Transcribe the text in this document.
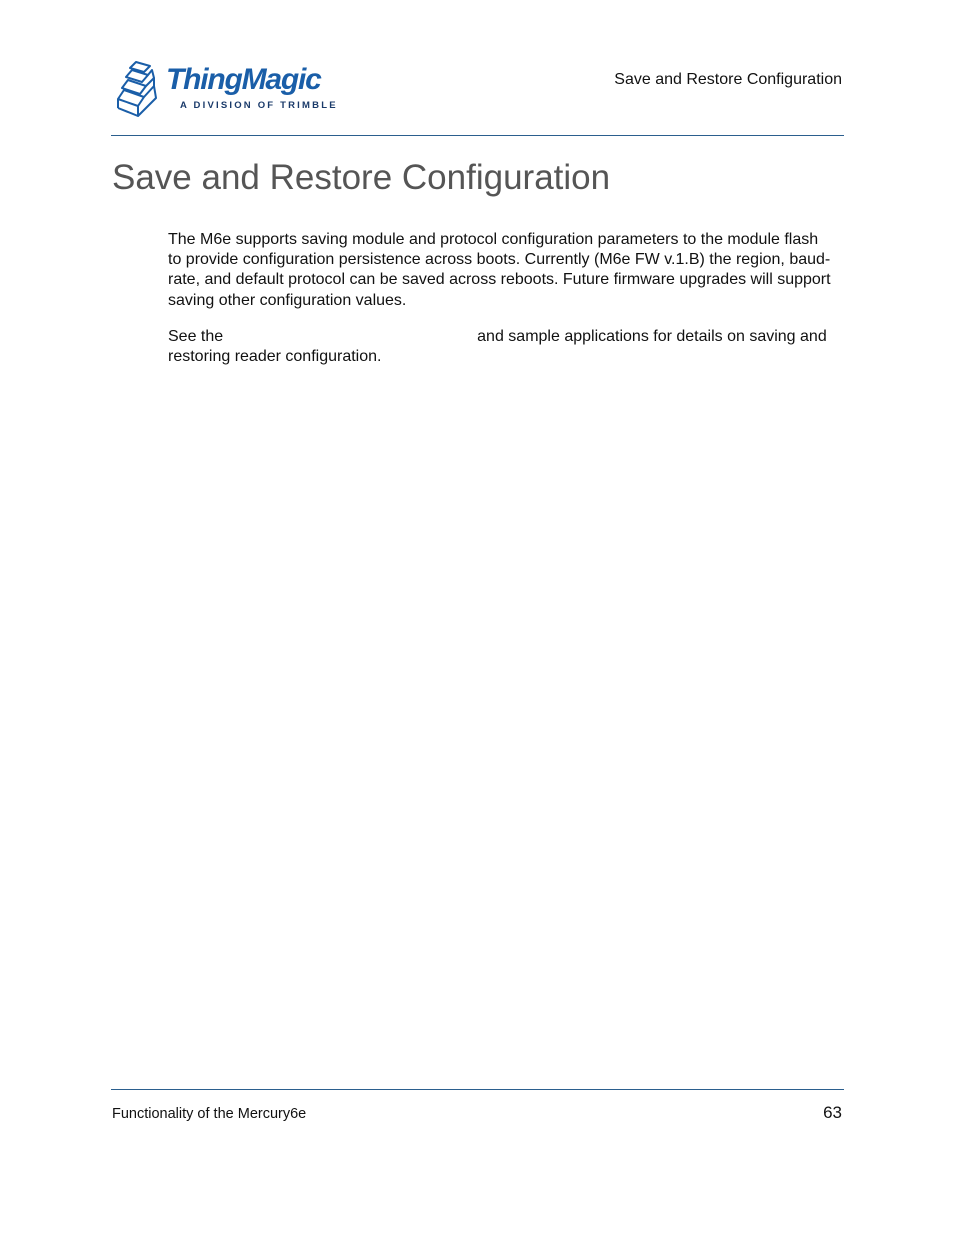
ThingMagic
A DIVISION OF TRIMBLE
Save and Restore Configuration
Save and Restore Configuration

The M6e supports saving module and protocol configuration parameters to the module flash to provide configuration persistence across boots. Currently (M6e FW v.1.B) the region, baud-rate, and default protocol can be saved across reboots. Future firmware upgrades will support saving other configuration values.

See the	and sample applications for details on saving and restoring reader configuration.

Functionality of the Mercury6e	63
